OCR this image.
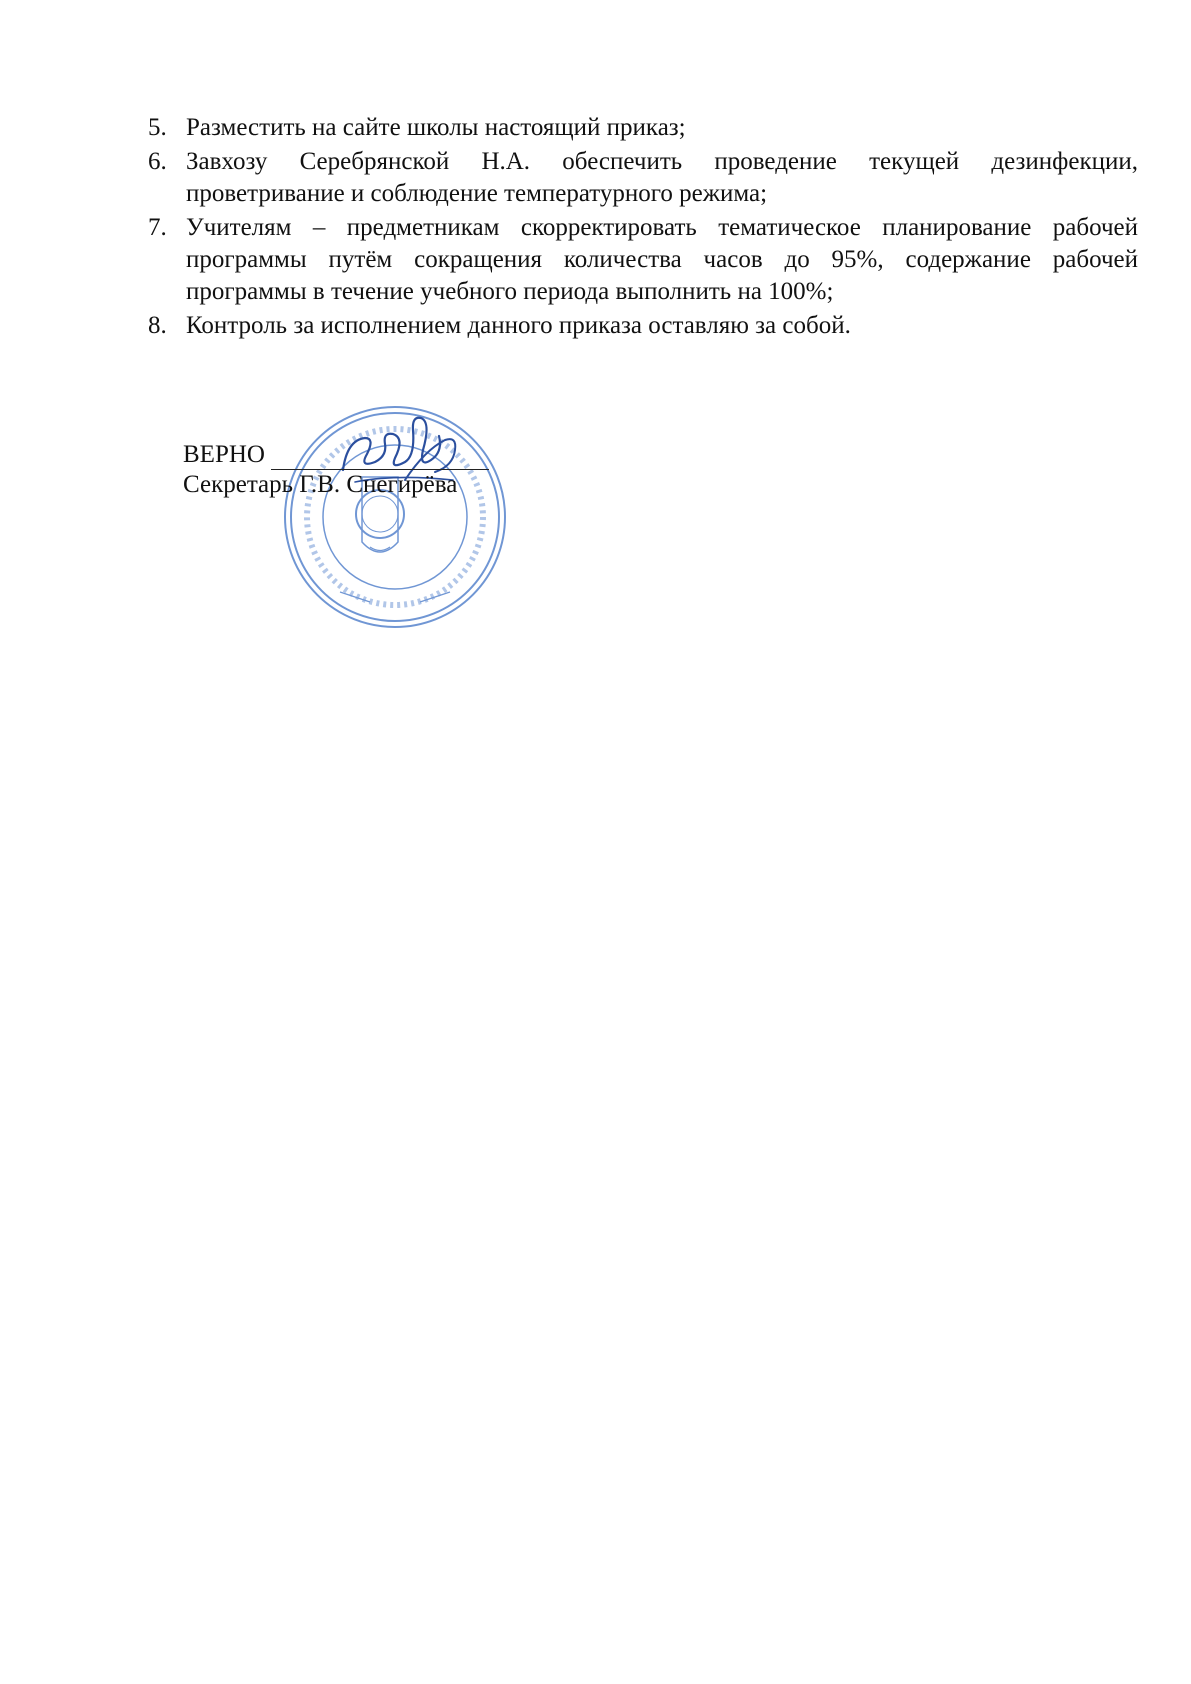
5. Разместить на сайте школы настоящий приказ;
6. Завхозу Серебрянской Н.А. обеспечить проведение текущей дезинфекции, проветривание и соблюдение температурного режима;
7. Учителям – предметникам скорректировать тематическое планирование рабочей программы путём сокращения количества часов до 95%, содержание рабочей программы в течение учебного периода выполнить на 100%;
8. Контроль за исполнением данного приказа оставляю за собой.
ВЕРНО
Секретарь Г.В. Снегирёва
